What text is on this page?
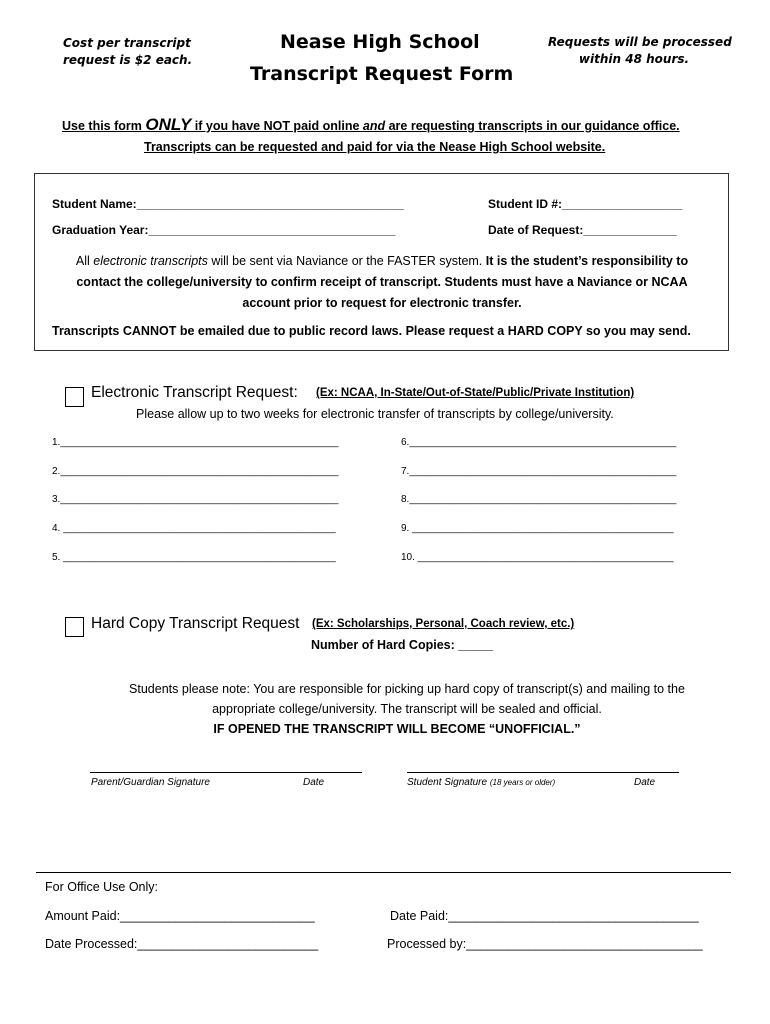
Cost per transcript
request is $2 each.
Nease High School
Transcript Request Form
Requests will be processed
within 48 hours.
Use this form ONLY if you have NOT paid online and are requesting transcripts in our guidance office.
Transcripts can be requested and paid for via the Nease High School website.
Student Name:________________________________________	Student ID #:__________________
Graduation Year:_____________________________________	Date of Request:______________
All electronic transcripts will be sent via Naviance or the FASTER system. It is the student’s responsibility to
contact the college/university to confirm receipt of transcript. Students must have a Naviance or NCAA
account prior to request for electronic transfer.
Transcripts CANNOT be emailed due to public record laws. Please request a HARD COPY so you may send.
Electronic Transcript Request: (Ex: NCAA, In-State/Out-of-State/Public/Private Institution)
Please allow up to two weeks for electronic transfer of transcripts by college/university.
1.__________________________________________________
2.__________________________________________________
3.__________________________________________________
4. _________________________________________________
5. _________________________________________________
6.________________________________________________
7.________________________________________________
8.________________________________________________
9. _______________________________________________
10. ______________________________________________
Hard Copy Transcript Request (Ex: Scholarships, Personal, Coach review, etc.)
Number of Hard Copies: _____
Students please note: You are responsible for picking up hard copy of transcript(s) and mailing to the
appropriate college/university. The transcript will be sealed and official.
IF OPENED THE TRANSCRIPT WILL BECOME “UNOFFICIAL.”
Parent/Guardian Signature	Date	Student Signature (18 years or older)	Date
For Office Use Only:
Amount Paid:____________________________	Date Paid:____________________________________
Date Processed:__________________________	Processed by:__________________________________
